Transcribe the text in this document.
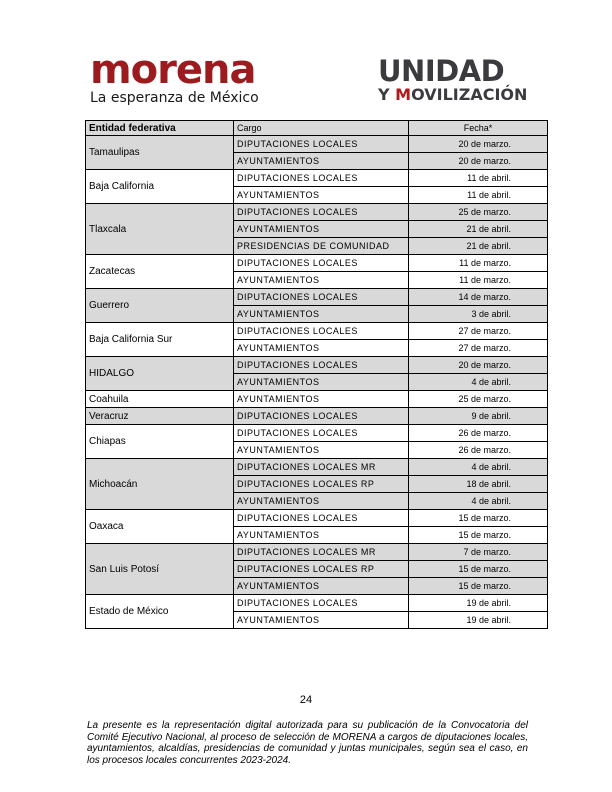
morena
La esperanza de México
UNIDAD
Y MOVILIZACIÓN
Entidad federativa	Cargo	Fecha*
Tamaulipas	DIPUTACIONES LOCALES	20 de marzo.
	AYUNTAMIENTOS	20 de marzo.
Baja California	DIPUTACIONES LOCALES	11 de abril.
	AYUNTAMIENTOS	11 de abril.
Tlaxcala	DIPUTACIONES LOCALES	25 de marzo.
	AYUNTAMIENTOS	21 de abril.
	PRESIDENCIAS DE COMUNIDAD	21 de abril.
Zacatecas	DIPUTACIONES LOCALES	11 de marzo.
	AYUNTAMIENTOS	11 de marzo.
Guerrero	DIPUTACIONES LOCALES	14 de marzo.
	AYUNTAMIENTOS	3 de abril.
Baja California Sur	DIPUTACIONES LOCALES	27 de marzo.
	AYUNTAMIENTOS	27 de marzo.
HIDALGO	DIPUTACIONES LOCALES	20 de marzo.
	AYUNTAMIENTOS	4 de abril.
Coahuila	AYUNTAMIENTOS	25 de marzo.
Veracruz	DIPUTACIONES LOCALES	9 de abril.
Chiapas	DIPUTACIONES LOCALES	26 de marzo.
	AYUNTAMIENTOS	26 de marzo.
Michoacán	DIPUTACIONES LOCALES MR	4 de abril.
	DIPUTACIONES LOCALES RP	18 de abril.
	AYUNTAMIENTOS	4 de abril.
Oaxaca	DIPUTACIONES LOCALES	15 de marzo.
	AYUNTAMIENTOS	15 de marzo.
San Luis Potosí	DIPUTACIONES LOCALES MR	7 de marzo.
	DIPUTACIONES LOCALES RP	15 de marzo.
	AYUNTAMIENTOS	15 de marzo.
Estado de México	DIPUTACIONES LOCALES	19 de abril.
	AYUNTAMIENTOS	19 de abril.
24
La presente es la representación digital autorizada para su publicación de la Convocatoria del Comité Ejecutivo Nacional, al proceso de selección de MORENA a cargos de diputaciones locales, ayuntamientos, alcaldías, presidencias de comunidad y juntas municipales, según sea el caso, en los procesos locales concurrentes 2023-2024.
